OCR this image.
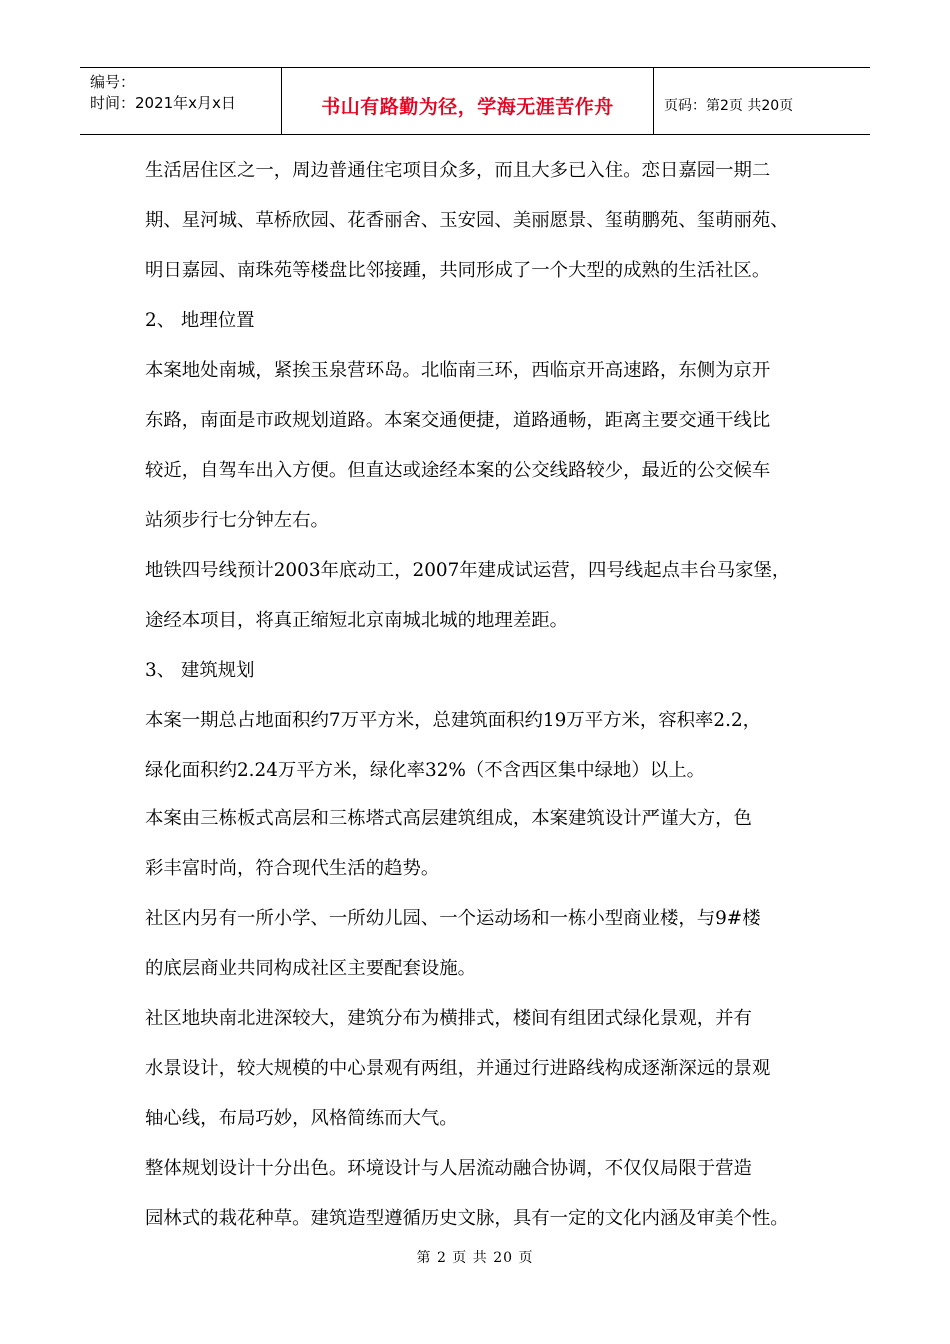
编号：
时间：2021年x月x日	书山有路勤为径，学海无涯苦作舟	页码：第2页 共20页
生活居住区之一，周边普通住宅项目众多，而且大多已入住。恋日嘉园一期二
期、星河城、草桥欣园、花香丽舍、玉安园、美丽愿景、玺萌鹏苑、玺萌丽苑、
明日嘉园、南珠苑等楼盘比邻接踵，共同形成了一个大型的成熟的生活社区。
2、 地理位置
本案地处南城，紧挨玉泉营环岛。北临南三环，西临京开高速路，东侧为京开
东路，南面是市政规划道路。本案交通便捷，道路通畅，距离主要交通干线比
较近，自驾车出入方便。但直达或途经本案的公交线路较少，最近的公交候车
站须步行七分钟左右。
地铁四号线预计2003年底动工，2007年建成试运营，四号线起点丰台马家堡，
途经本项目，将真正缩短北京南城北城的地理差距。
3、 建筑规划
本案一期总占地面积约7万平方米，总建筑面积约19万平方米，容积率2.2，
绿化面积约2.24万平方米，绿化率32%（不含西区集中绿地）以上。
本案由三栋板式高层和三栋塔式高层建筑组成，本案建筑设计严谨大方，色
彩丰富时尚，符合现代生活的趋势。
社区内另有一所小学、一所幼儿园、一个运动场和一栋小型商业楼，与9#楼
的底层商业共同构成社区主要配套设施。
社区地块南北进深较大，建筑分布为横排式，楼间有组团式绿化景观，并有
水景设计，较大规模的中心景观有两组，并通过行进路线构成逐渐深远的景观
轴心线，布局巧妙，风格简练而大气。
整体规划设计十分出色。环境设计与人居流动融合协调，不仅仅局限于营造
园林式的栽花种草。建筑造型遵循历史文脉，具有一定的文化内涵及审美个性。
第 2 页 共 20 页
